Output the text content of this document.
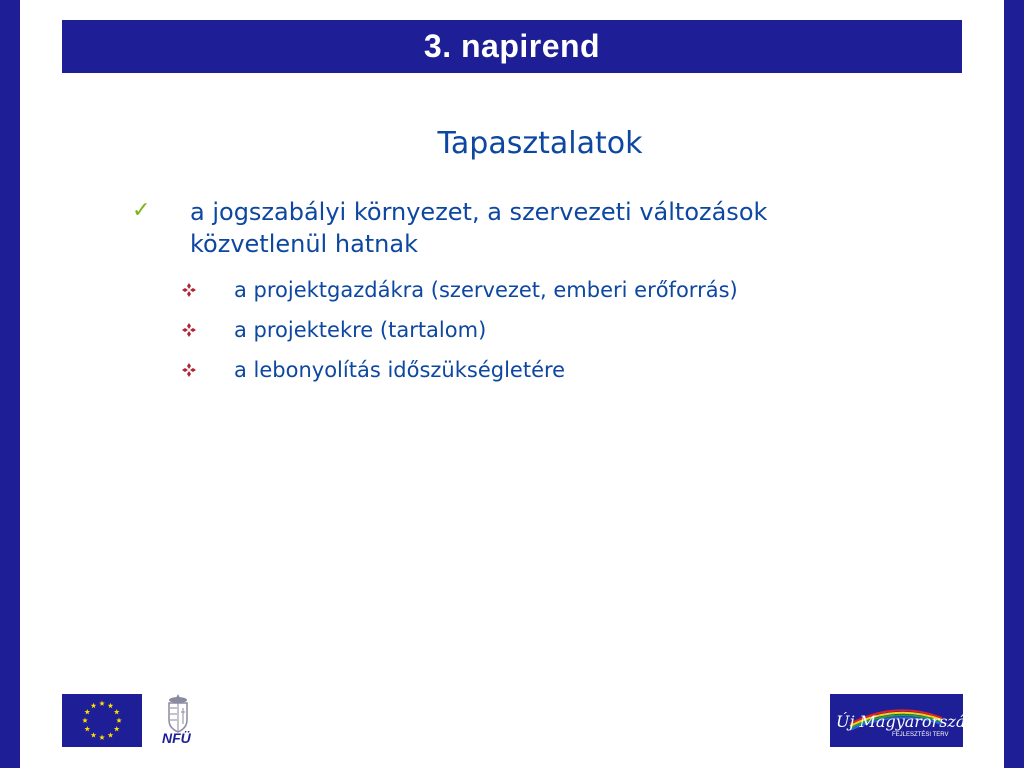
3. napirend
Tapasztalatok
✓	a jogszabályi környezet, a szervezeti változások közvetlenül hatnak
a projektgazdákra (szervezet, emberi erőforrás)
a projektekre (tartalom)
a lebonyolítás időszükségletére
NFÜ
Új Magyarország
FEJLESZTÉSI TERV
